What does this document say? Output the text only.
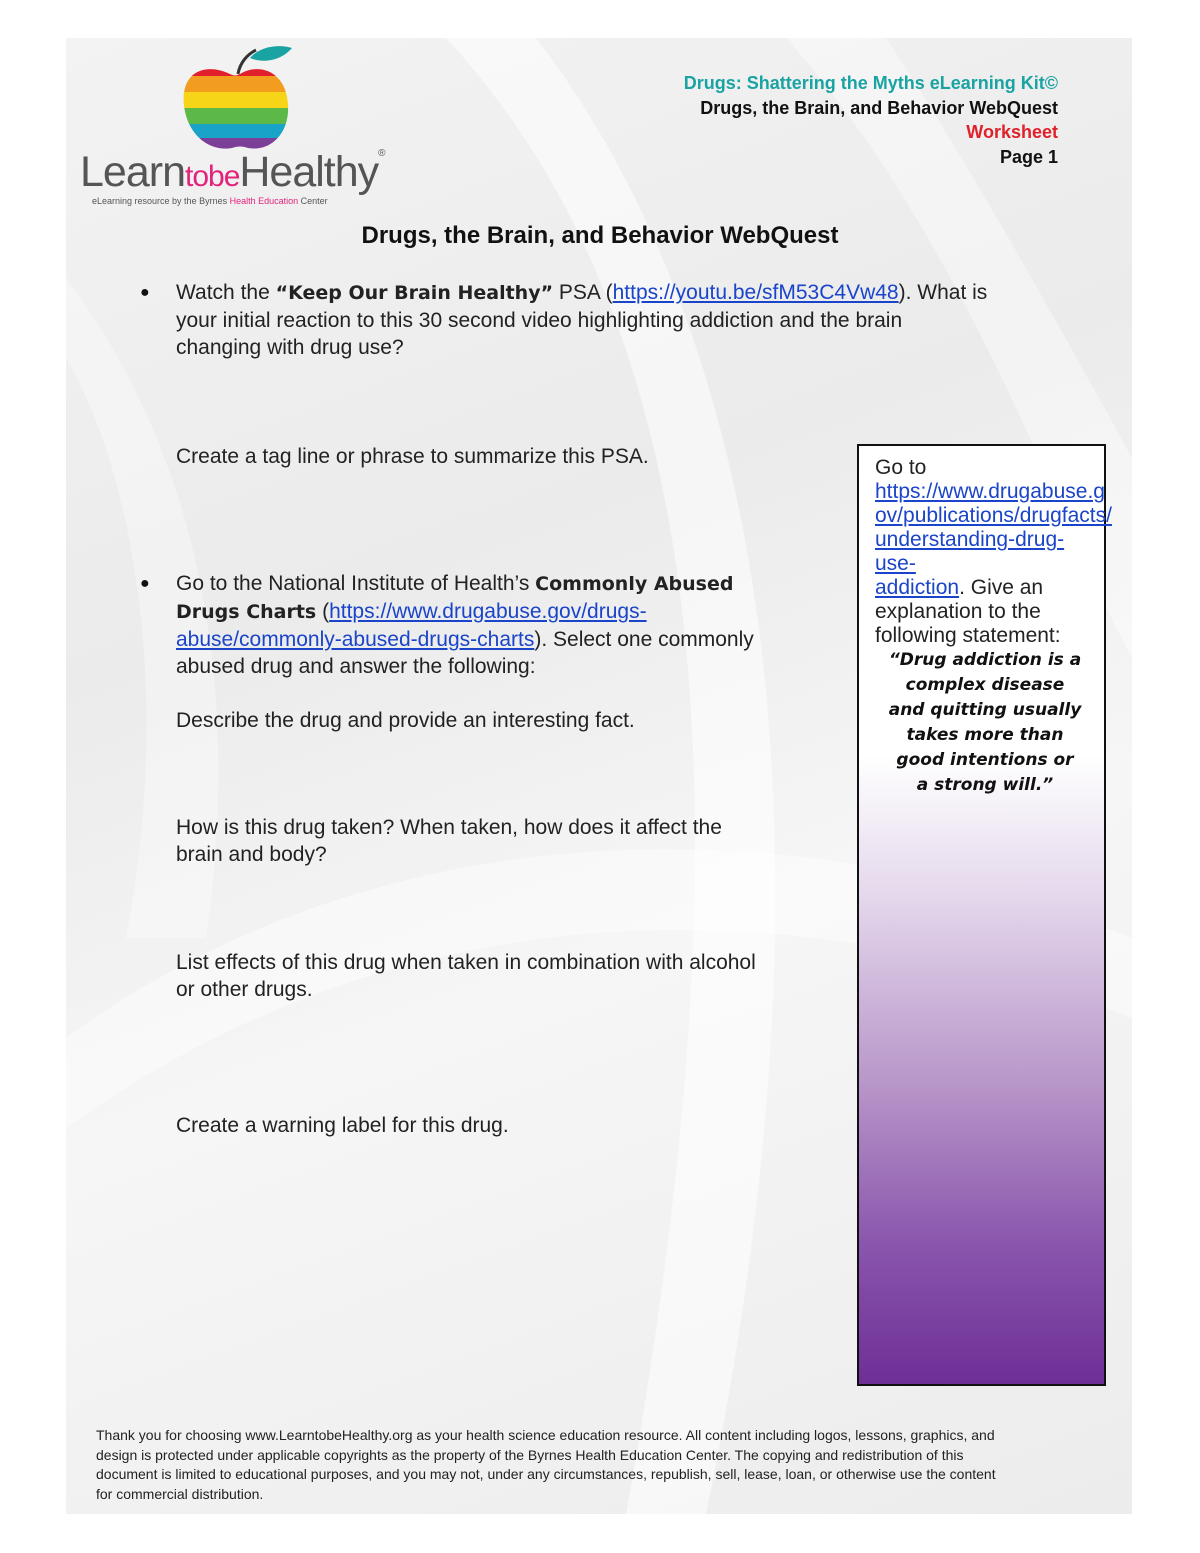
LearntobeHealthy®
eLearning resource by the Byrnes Health Education Center
Drugs: Shattering the Myths eLearning Kit©
Drugs, the Brain, and Behavior WebQuest
Worksheet
Page 1
Drugs, the Brain, and Behavior WebQuest
● Watch the “Keep Our Brain Healthy” PSA (https://youtu.be/sfM53C4Vw48). What is
your initial reaction to this 30 second video highlighting addiction and the brain
changing with drug use?
Create a tag line or phrase to summarize this PSA.
● Go to the National Institute of Health’s Commonly Abused
Drugs Charts (https://www.drugabuse.gov/drugs-
abuse/commonly-abused-drugs-charts). Select one commonly
abused drug and answer the following:
Describe the drug and provide an interesting fact.
How is this drug taken? When taken, how does it affect the
brain and body?
List effects of this drug when taken in combination with alcohol
or other drugs.
Create a warning label for this drug.
Go to
https://www.drugabuse.g
ov/publications/drugfacts/
understanding-drug-use-
addiction. Give an
explanation to the
following statement:
“Drug addiction is a
complex disease
and quitting usually
takes more than
good intentions or
a strong will.”
Thank you for choosing www.LearntobeHealthy.org as your health science education resource. All content including logos, lessons, graphics, and
design is protected under applicable copyrights as the property of the Byrnes Health Education Center. The copying and redistribution of this
document is limited to educational purposes, and you may not, under any circumstances, republish, sell, lease, loan, or otherwise use the content
for commercial distribution.
